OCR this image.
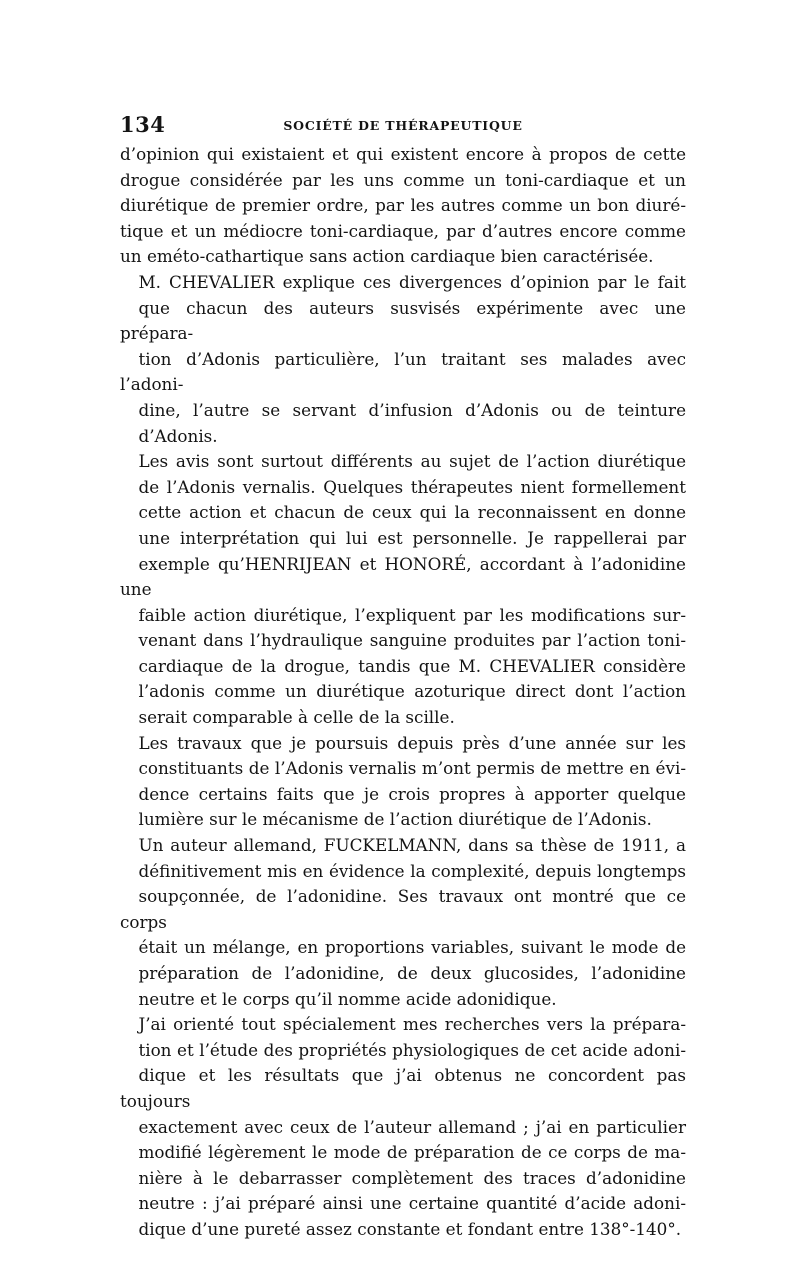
134	SOCIÉTÉ DE THÉRAPEUTIQUE

d’opinion qui existaient et qui existent encore à propos de cette
drogue considérée par les uns comme un toni-cardiaque et un
diurétique de premier ordre, par les autres comme un bon diuré-
tique et un médiocre toni-cardiaque, par d’autres encore comme
un eméto-cathartique sans action cardiaque bien caractérisée.

M. CHEVALIER explique ces divergences d’opinion par le fait
que chacun des auteurs susvisés expérimente avec une prépara-
tion d’Adonis particulière, l’un traitant ses malades avec l’adoni-
dine, l’autre se servant d’infusion d’Adonis ou de teinture
d’Adonis.

Les avis sont surtout différents au sujet de l’action diurétique
de l’Adonis vernalis. Quelques thérapeutes nient formellement
cette action et chacun de ceux qui la reconnaissent en donne
une interprétation qui lui est personnelle. Je rappellerai par
exemple qu’HENRIJEAN et HONORÉ, accordant à l’adonidine une
faible action diurétique, l’expliquent par les modifications sur-
venant dans l’hydraulique sanguine produites par l’action toni-
cardiaque de la drogue, tandis que M. CHEVALIER considère
l’adonis comme un diurétique azoturique direct dont l’action
serait comparable à celle de la scille.

Les travaux que je poursuis depuis près d’une année sur les
constituants de l’Adonis vernalis m’ont permis de mettre en évi-
dence certains faits que je crois propres à apporter quelque
lumière sur le mécanisme de l’action diurétique de l’Adonis.

Un auteur allemand, FUCKELMANN, dans sa thèse de 1911, a
définitivement mis en évidence la complexité, depuis longtemps
soupçonnée, de l’adonidine. Ses travaux ont montré que ce corps
était un mélange, en proportions variables, suivant le mode de
préparation de l’adonidine, de deux glucosides, l’adonidine
neutre et le corps qu’il nomme acide adonidique.

J’ai orienté tout spécialement mes recherches vers la prépara-
tion et l’étude des propriétés physiologiques de cet acide adoni-
dique et les résultats que j’ai obtenus ne concordent pas toujours
exactement avec ceux de l’auteur allemand ; j’ai en particulier
modifié légèrement le mode de préparation de ce corps de ma-
nière à le debarrasser complètement des traces d’adonidine
neutre : j’ai préparé ainsi une certaine quantité d’acide adoni-
dique d’une pureté assez constante et fondant entre 138°-140°.
